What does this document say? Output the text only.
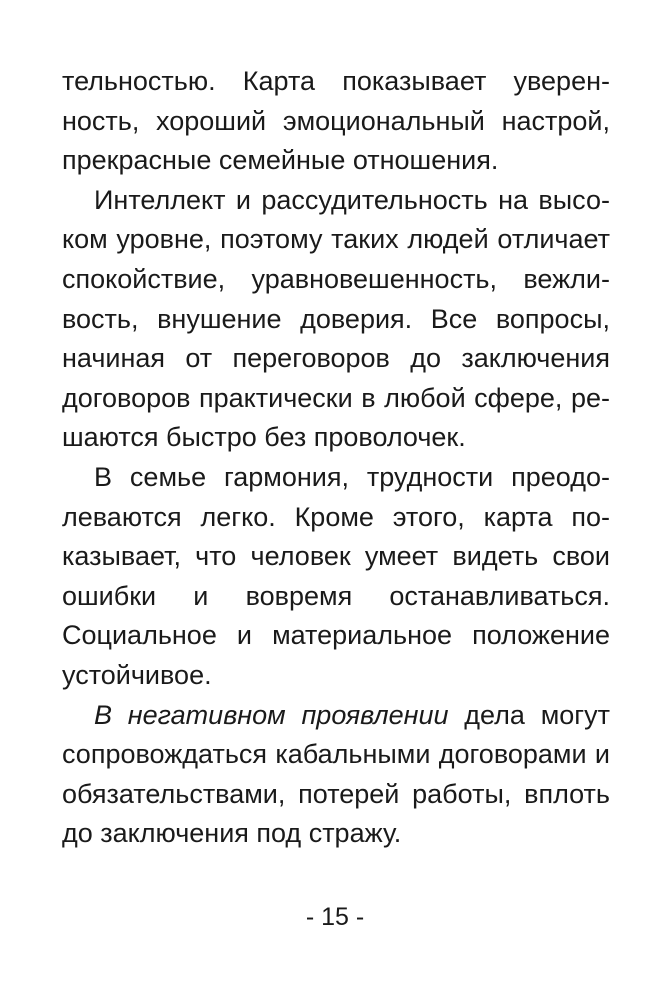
тельностью. Карта показывает уверенность, хороший эмоциональный настрой, прекрасные семейные отношения.

Интеллект и рассудительность на высоком уровне, поэтому таких людей отличает спокойствие, уравновешенность, вежливость, внушение доверия. Все вопросы, начиная от переговоров до заключения договоров практически в любой сфере, решаются быстро без проволочек.

В семье гармония, трудности преодолеваются легко. Кроме этого, карта показывает, что человек умеет видеть свои ошибки и вовремя останавливаться. Социальное и материальное положение устойчивое.

В негативном проявлении дела могут сопровождаться кабальными договорами и обязательствами, потерей работы, вплоть до заключения под стражу.

- 15 -
